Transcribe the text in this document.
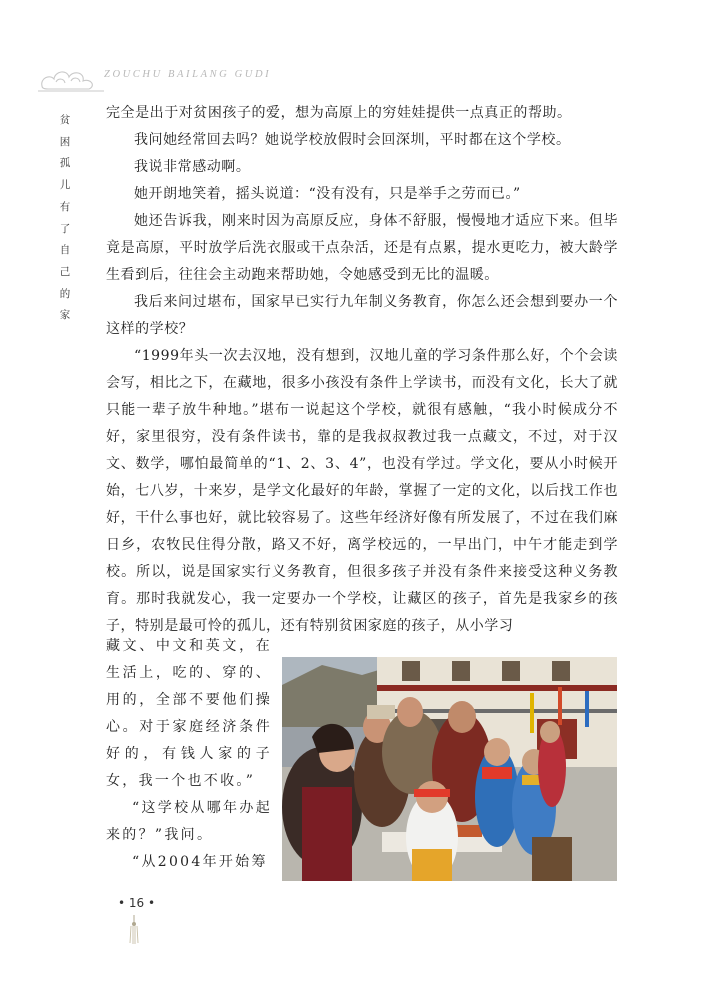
ZOUCHU BAILANG GUDI
贫
困
孤
儿
有
了
自
己
的
家

完全是出于对贫困孩子的爱，想为高原上的穷娃娃提供一点真正的帮助。

我问她经常回去吗？她说学校放假时会回深圳，平时都在这个学校。

我说非常感动啊。

她开朗地笑着，摇头说道：“没有没有，只是举手之劳而已。”

她还告诉我，刚来时因为高原反应，身体不舒服，慢慢地才适应下来。但毕竟是高原，平时放学后洗衣服或干点杂活，还是有点累，提水更吃力，被大龄学生看到后，往往会主动跑来帮助她，令她感受到无比的温暖。

我后来问过堪布，国家早已实行九年制义务教育，你怎么还会想到要办一个这样的学校？

“1999年头一次去汉地，没有想到，汉地儿童的学习条件那么好，个个会读会写，相比之下，在藏地，很多小孩没有条件上学读书，而没有文化，长大了就只能一辈子放牛种地。”堪布一说起这个学校，就很有感触，“我小时候成分不好，家里很穷，没有条件读书，靠的是我叔叔教过我一点藏文，不过，对于汉文、数学，哪怕最简单的“1、2、3、4”，也没有学过。学文化，要从小时候开始，七八岁，十来岁，是学文化最好的年龄，掌握了一定的文化，以后找工作也好，干什么事也好，就比较容易了。这些年经济好像有所发展了，不过在我们麻日乡，农牧民住得分散，路又不好，离学校远的，一早出门，中午才能走到学校。所以，说是国家实行义务教育，但很多孩子并没有条件来接受这种义务教育。那时我就发心，我一定要办一个学校，让藏区的孩子，首先是我家乡的孩子，特别是最可怜的孤儿，还有特别贫困家庭的孩子，从小学习

藏文、中文和英文，在生活上，吃的、穿的、用的，全部不要他们操心。对于家庭经济条件好的，有钱人家的子女，我一个也不收。”

“这学校从哪年办起来的？”我问。

“从2004年开始筹

• 16 •
